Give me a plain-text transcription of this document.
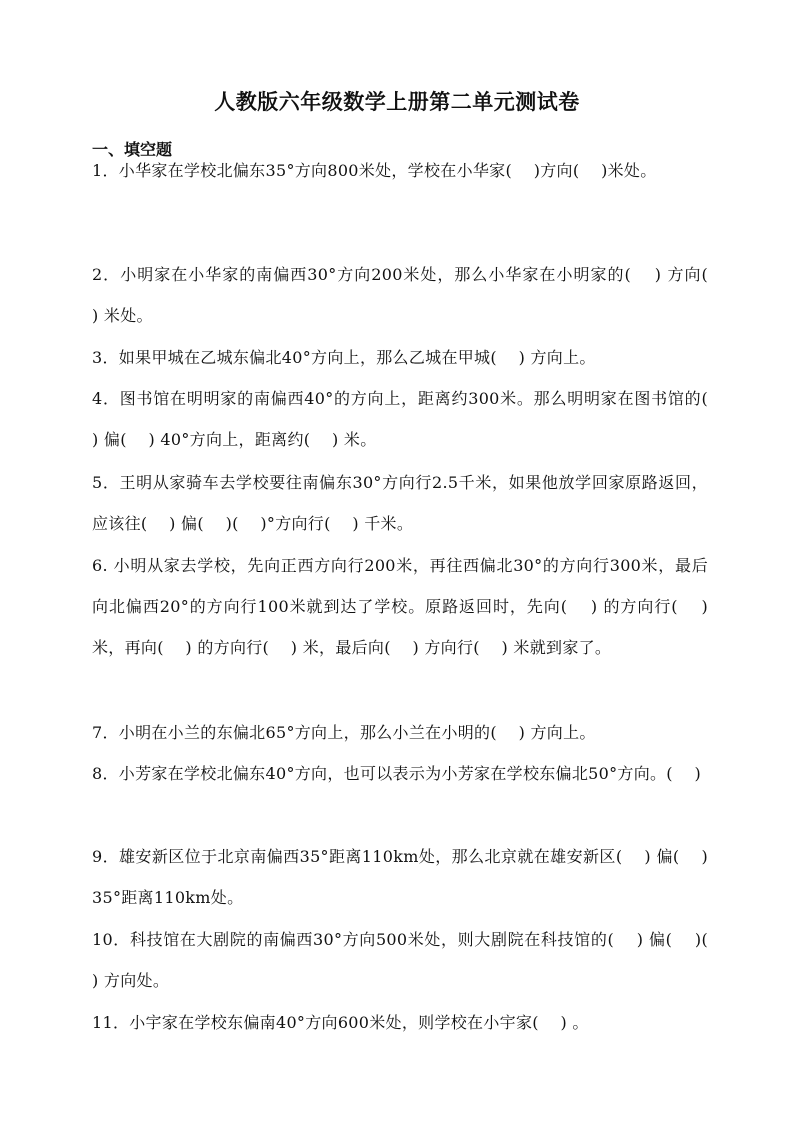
人教版六年级数学上册第二单元测试卷
一、填空题
1．小华家在学校北偏东35°方向800米处，学校在小华家(　 )方向(　 )米处。
2．小明家在小华家的南偏西30°方向200米处，那么小华家在小明家的(　 ) 方向(　 ) 米处。
3．如果甲城在乙城东偏北40°方向上，那么乙城在甲城(　 ) 方向上。
4．图书馆在明明家的南偏西40°的方向上，距离约300米。那么明明家在图书馆的(　 ) 偏(　 ) 40°方向上，距离约(　 ) 米。
5．王明从家骑车去学校要往南偏东30°方向行2.5千米，如果他放学回家原路返回，应该往(　 ) 偏(　 )(　 )°方向行(　 ) 千米。
6. 小明从家去学校，先向正西方向行200米，再往西偏北30°的方向行300米，最后向北偏西20°的方向行100米就到达了学校。原路返回时，先向(　 ) 的方向行(　 ) 米，再向(　 ) 的方向行(　 ) 米，最后向(　 ) 方向行(　 ) 米就到家了。
7．小明在小兰的东偏北65°方向上，那么小兰在小明的(　 ) 方向上。
8．小芳家在学校北偏东40°方向，也可以表示为小芳家在学校东偏北50°方向。(　 )
9．雄安新区位于北京南偏西35°距离110km处，那么北京就在雄安新区(　 ) 偏(　 ) 35°距离110km处。
10．科技馆在大剧院的南偏西30°方向500米处，则大剧院在科技馆的(　 ) 偏(　 )(　 ) 方向处。
11．小宇家在学校东偏南40°方向600米处，则学校在小宇家(　 ) 。
